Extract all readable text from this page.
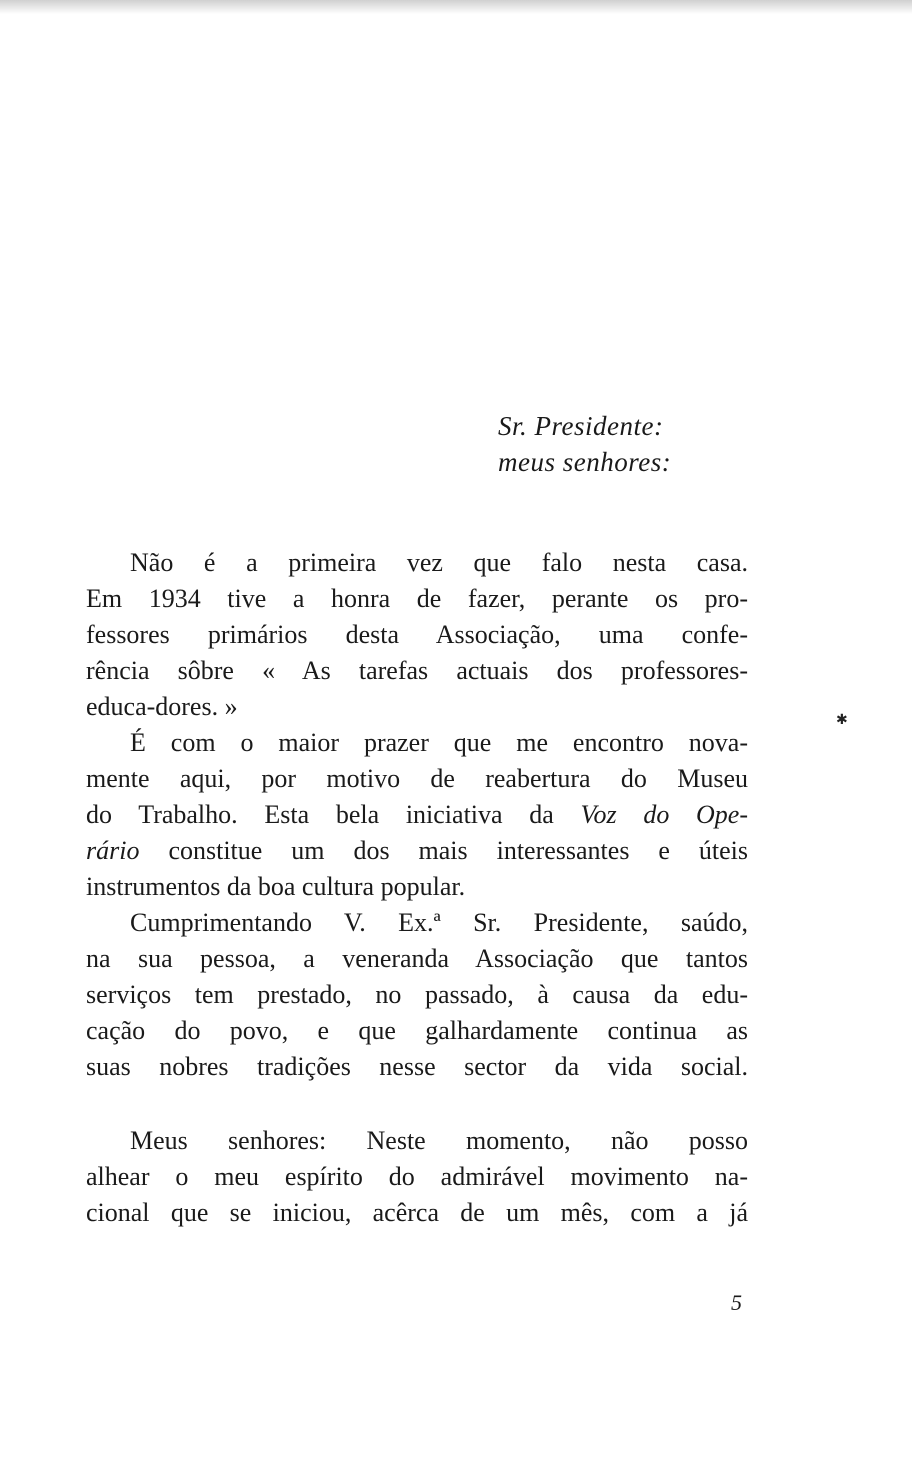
Sr. Presidente:
meus senhores:
Não é a primeira vez que falo nesta casa.
Em 1934 tive a honra de fazer, perante os pro-
fessores primários desta Associação, uma confe-
rência sôbre « As tarefas actuais dos professores-
educa-dores. »
É com o maior prazer que me encontro nova-
mente aqui, por motivo de reabertura do Museu
do Trabalho. Esta bela iniciativa da Voz do Ope-
rário constitue um dos mais interessantes e úteis
instrumentos da boa cultura popular.
Cumprimentando V. Ex.ª Sr. Presidente, saúdo,
na sua pessoa, a veneranda Associação que tantos
serviços tem prestado, no passado, à causa da edu-
cação do povo, e que galhardamente continua as
suas nobres tradições nesse sector da vida social.
Meus senhores: Neste momento, não posso
alhear o meu espírito do admirável movimento na-
cional que se iniciou, acêrca de um mês, com a já
✱
5
